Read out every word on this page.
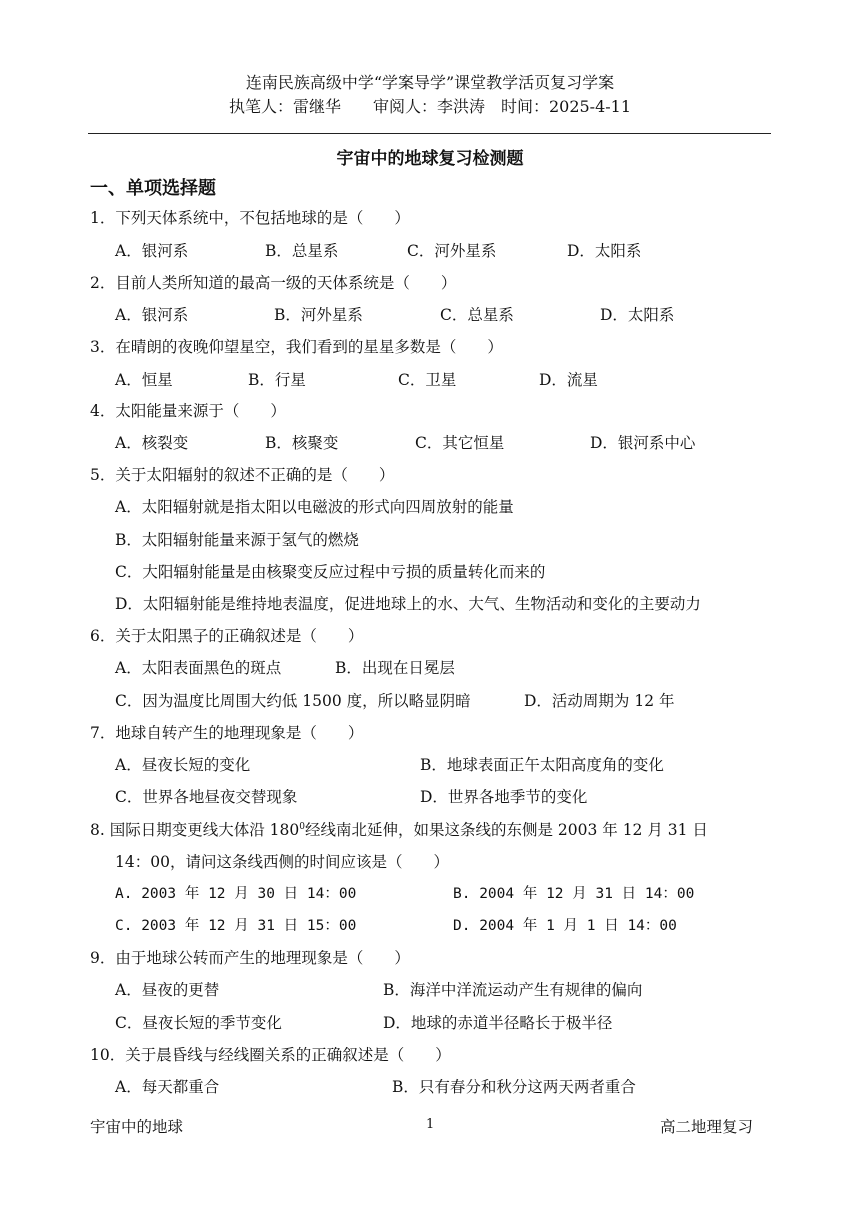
连南民族高级中学“学案导学”课堂教学活页复习学案
执笔人：雷继华　　审阅人：李洪涛　时间：2025-4-11
宇宙中的地球复习检测题
一、单项选择题
1．下列天体系统中，不包括地球的是（　　）
A．银河系	B．总星系	C．河外星系	D．太阳系
2．目前人类所知道的最高一级的天体系统是（　　）
A．银河系	B．河外星系	C．总星系	D．太阳系
3．在晴朗的夜晚仰望星空，我们看到的星星多数是（　　）
A．恒星	B．行星	C．卫星	D．流星
4．太阳能量来源于（　　）
A．核裂变	B．核聚变	C．其它恒星	D．银河系中心
5．关于太阳辐射的叙述不正确的是（　　）
A．太阳辐射就是指太阳以电磁波的形式向四周放射的能量
B．太阳辐射能量来源于氢气的燃烧
C．大阳辐射能量是由核聚变反应过程中亏损的质量转化而来的
D．太阳辐射能是维持地表温度，促进地球上的水、大气、生物活动和变化的主要动力
6．关于太阳黑子的正确叙述是（　　）
A．太阳表面黑色的斑点	B．出现在日冕层
C．因为温度比周围大约低 1500 度，所以略显阴暗	D．活动周期为 12 年
7．地球自转产生的地理现象是（　　）
A．昼夜长短的变化	B．地球表面正午太阳高度角的变化
C．世界各地昼夜交替现象	D．世界各地季节的变化
8. 国际日期变更线大体沿 $180^0$经线南北延伸，如果这条线的东侧是 2003 年 12 月 31 日
14：00，请问这条线西侧的时间应该是（　　）
A. 2003 年 12 月 30 日 14：00	B. 2004 年 12 月 31 日 14：00
C. 2003 年 12 月 31 日 15：00	D. 2004 年 1 月 1 日 14：00
9．由于地球公转而产生的地理现象是（　　）
A．昼夜的更替	B．海洋中洋流运动产生有规律的偏向
C．昼夜长短的季节变化	D．地球的赤道半径略长于极半径
10．关于晨昏线与经线圈关系的正确叙述是（　　）
A．每天都重合	B．只有春分和秋分这两天两者重合
宇宙中的地球	1	高二地理复习
